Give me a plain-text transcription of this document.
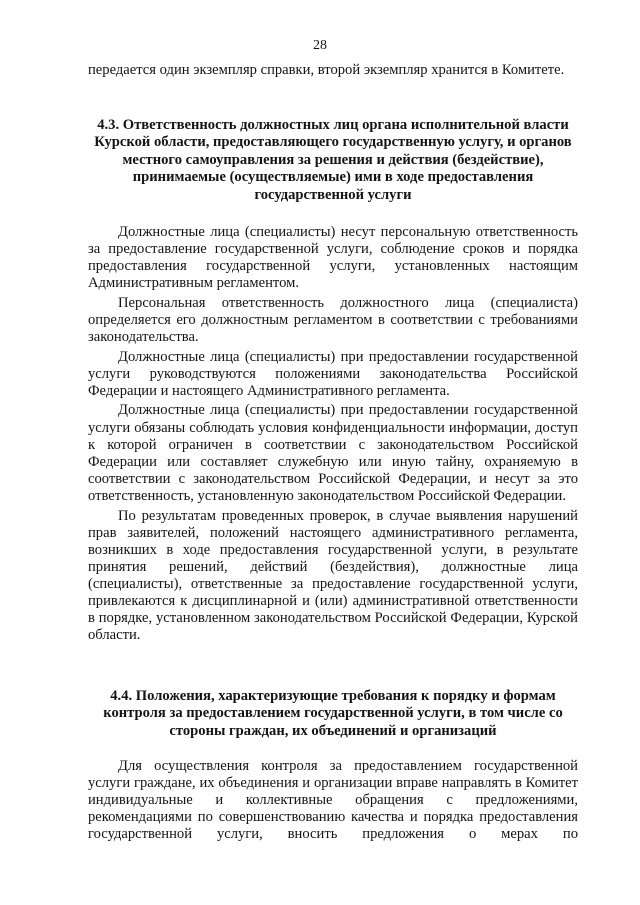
28
передается один экземпляр справки, второй экземпляр хранится в Комитете.
4.3. Ответственность должностных лиц органа исполнительной власти Курской области, предоставляющего государственную услугу, и органов местного самоуправления за решения и действия (бездействие), принимаемые (осуществляемые) ими в ходе предоставления государственной услуги

Должностные лица (специалисты) несут персональную ответственность за предоставление государственной услуги, соблюдение сроков и порядка предоставления государственной услуги, установленных настоящим Административным регламентом.

Персональная ответственность должностного лица (специалиста) определяется его должностным регламентом в соответствии с требованиями законодательства.

Должностные лица (специалисты) при предоставлении государственной услуги руководствуются положениями законодательства Российской Федерации и настоящего Административного регламента.

Должностные лица (специалисты) при предоставлении государственной услуги обязаны соблюдать условия конфиденциальности информации, доступ к которой ограничен в соответствии с законодательством Российской Федерации или составляет служебную или иную тайну, охраняемую в соответствии с законодательством Российской Федерации, и несут за это ответственность, установленную законодательством Российской Федерации.

По результатам проведенных проверок, в случае выявления нарушений прав заявителей, положений настоящего административного регламента, возникших в ходе предоставления государственной услуги, в результате принятия решений, действий (бездействия), должностные лица (специалисты), ответственные за предоставление государственной услуги, привлекаются к дисциплинарной и (или) административной ответственности в порядке, установленном законодательством Российской Федерации, Курской области.

4.4. Положения, характеризующие требования к порядку и формам контроля за предоставлением государственной услуги, в том числе со стороны граждан, их объединений и организаций

Для осуществления контроля за предоставлением государственной услуги граждане, их объединения и организации вправе направлять в Комитет индивидуальные и коллективные обращения с предложениями, рекомендациями по совершенствованию качества и порядка предоставления государственной услуги, вносить предложения о мерах по
